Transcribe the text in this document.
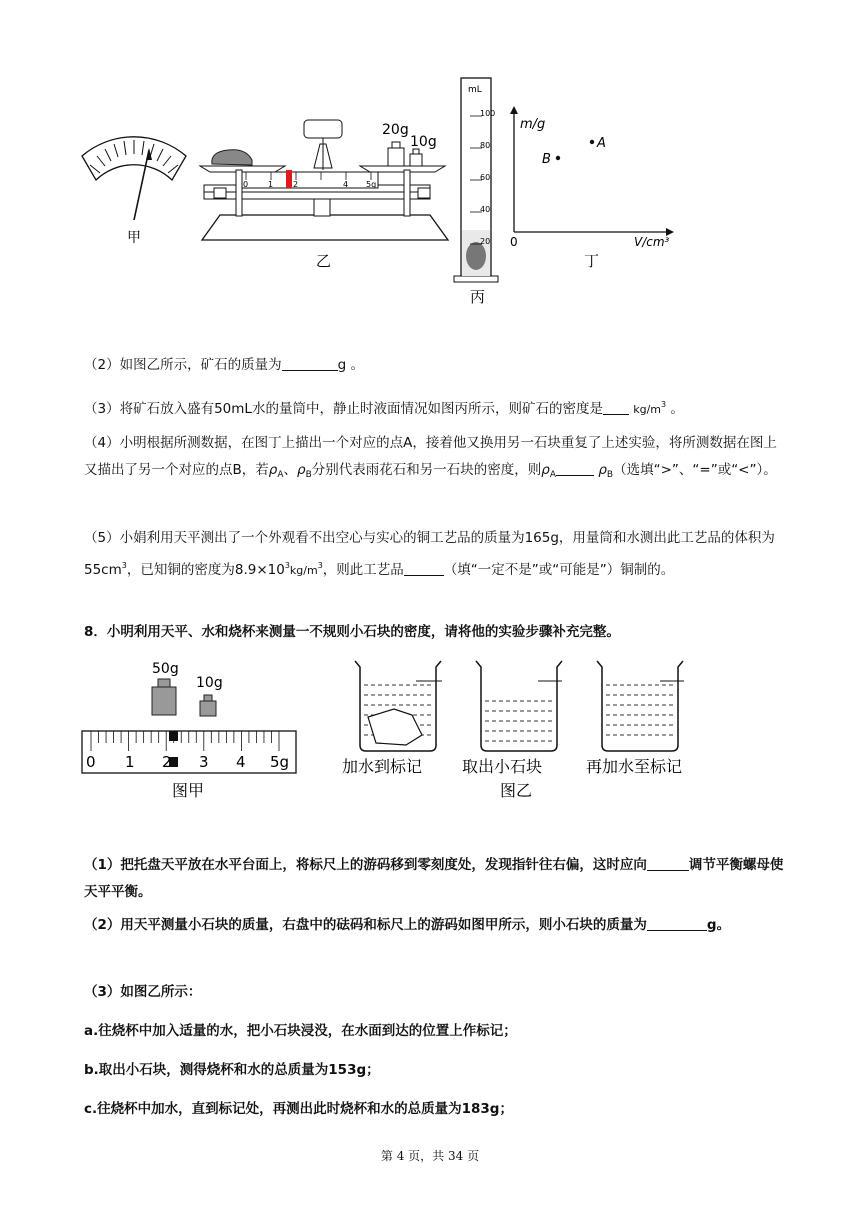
甲
0 1 2	4 5g
20g
10g
乙
mL
100
80
60
40
20
丙
m/g
V/cm³
0
A
B
丁
（2）如图乙所示，矿石的质量为	g 。
（3）将矿石放入盛有50mL水的量筒中，静止时液面情况如图丙所示，则矿石的密度是	$kg/m^3$ 。
（4）小明根据所测数据，在图丁上描出一个对应的点A，接着他又换用另一石块重复了上述实验，将所测数据在图上又描出了另一个对应的点B，若$\rho_A$、$\rho_B$分别代表雨花石和另一石块的密度，则$\rho_A$	$\rho_B$（选填“>”、“=”或“<”）。
（5）小娟利用天平测出了一个外观看不出空心与实心的铜工艺品的质量为165g，用量筒和水测出此工艺品的体积为$55cm^3$，已知铜的密度为$8.9\times 10^3kg/m^3$，则此工艺品	（填“一定不是”或“可能是”）铜制的。
8．小明利用天平、水和烧杯来测量一不规则小石块的密度，请将他的实验步骤补充完整。
50g
10g
0 1 2 3 4 5g
图甲
加水到标记 取出小石块
图乙
再加水至标记
（1）把托盘天平放在水平台面上，将标尺上的游码移到零刻度处，发现指针往右偏，这时应向	调节平衡螺母使天平平衡。
（2）用天平测量小石块的质量，右盘中的砝码和标尺上的游码如图甲所示，则小石块的质量为	g。
（3）如图乙所示：
a.往烧杯中加入适量的水，把小石块浸没，在水面到达的位置上作标记；
b.取出小石块，测得烧杯和水的总质量为153g；
c.往烧杯中加水，直到标记处，再测出此时烧杯和水的总质量为183g；
第 4 页，共 34 页
